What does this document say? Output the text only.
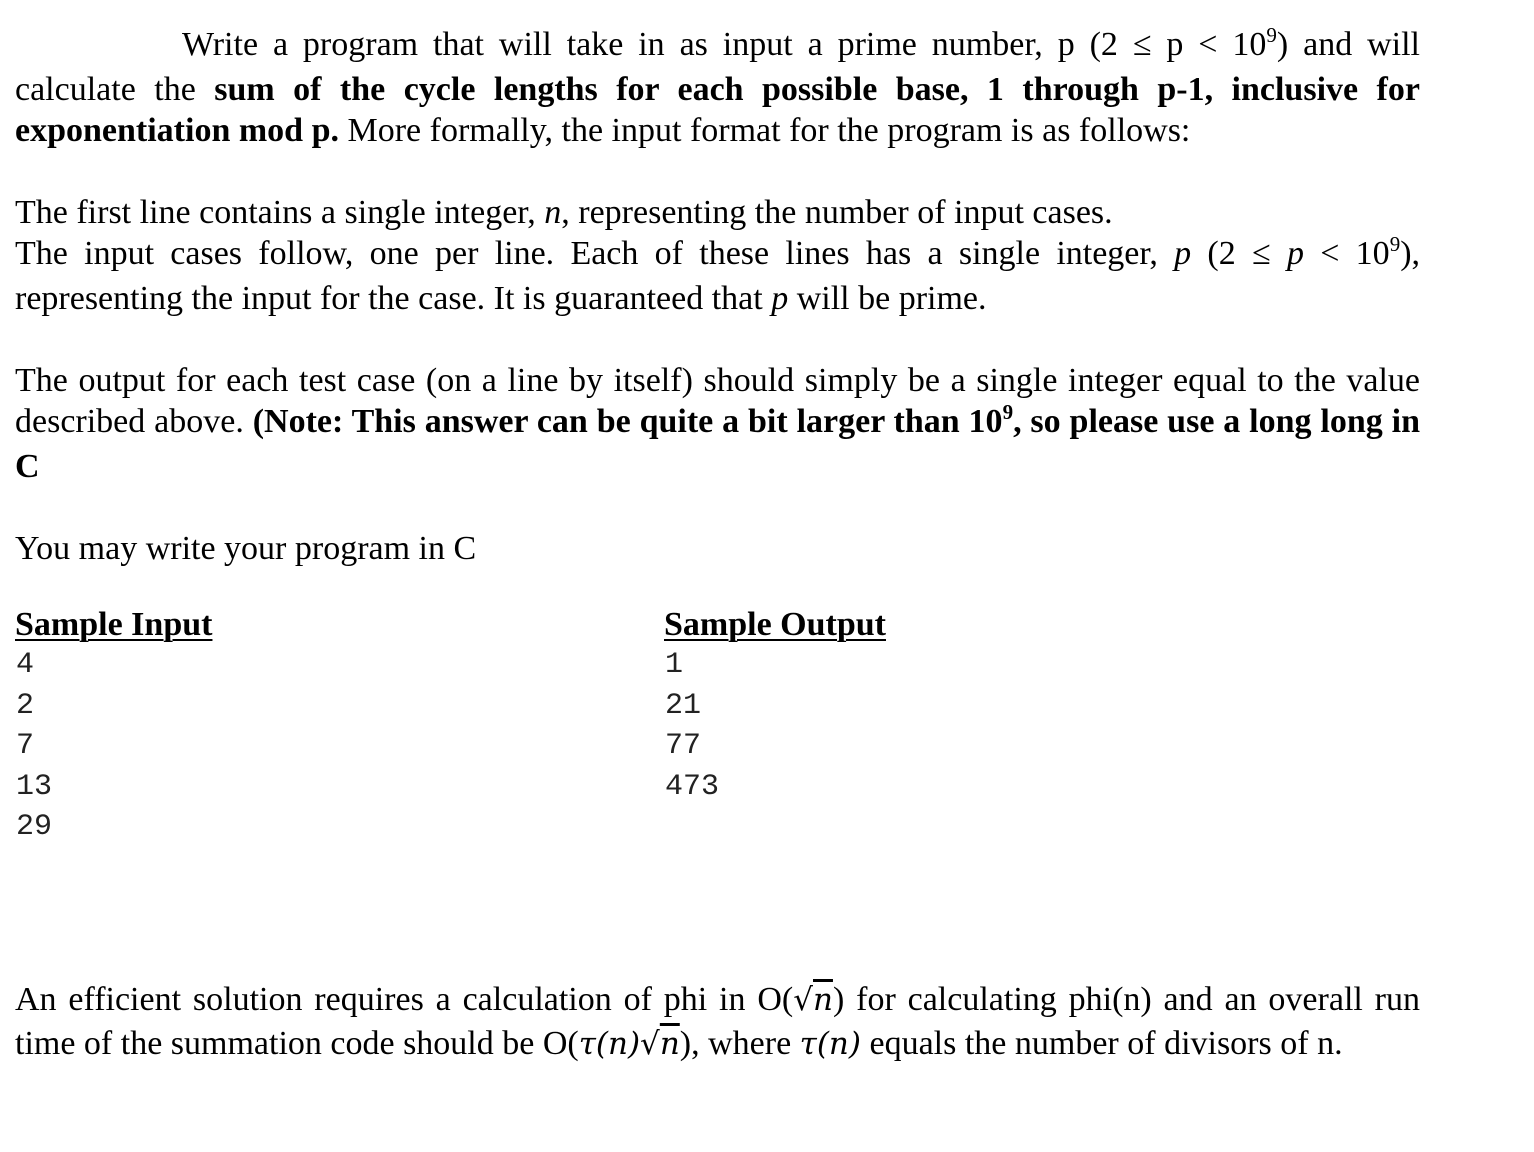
Write a program that will take in as input a prime number, p $(2 \le p < 10^9)$ and will calculate the sum of the cycle lengths for each possible base, 1 through p-1, inclusive for exponentiation mod p. More formally, the input format for the program is as follows:

The first line contains a single integer, n, representing the number of input cases.

The input cases follow, one per line. Each of these lines has a single integer, p $(2 \le p < 10^9)$, representing the input for the case. It is guaranteed that p will be prime.

The output for each test case (on a line by itself) should simply be a single integer equal to the value described above. (Note: This answer can be quite a bit larger than $10^9$, so please use a long long in C

You may write your program in C

Sample Input

4

2

7

13

29

Sample Output

1

21

77

473

An efficient solution requires a calculation of phi in O(√n) for calculating phi(n) and an overall run time of the summation code should be O(τ(n)√n), where τ(n) equals the number of divisors of n.
